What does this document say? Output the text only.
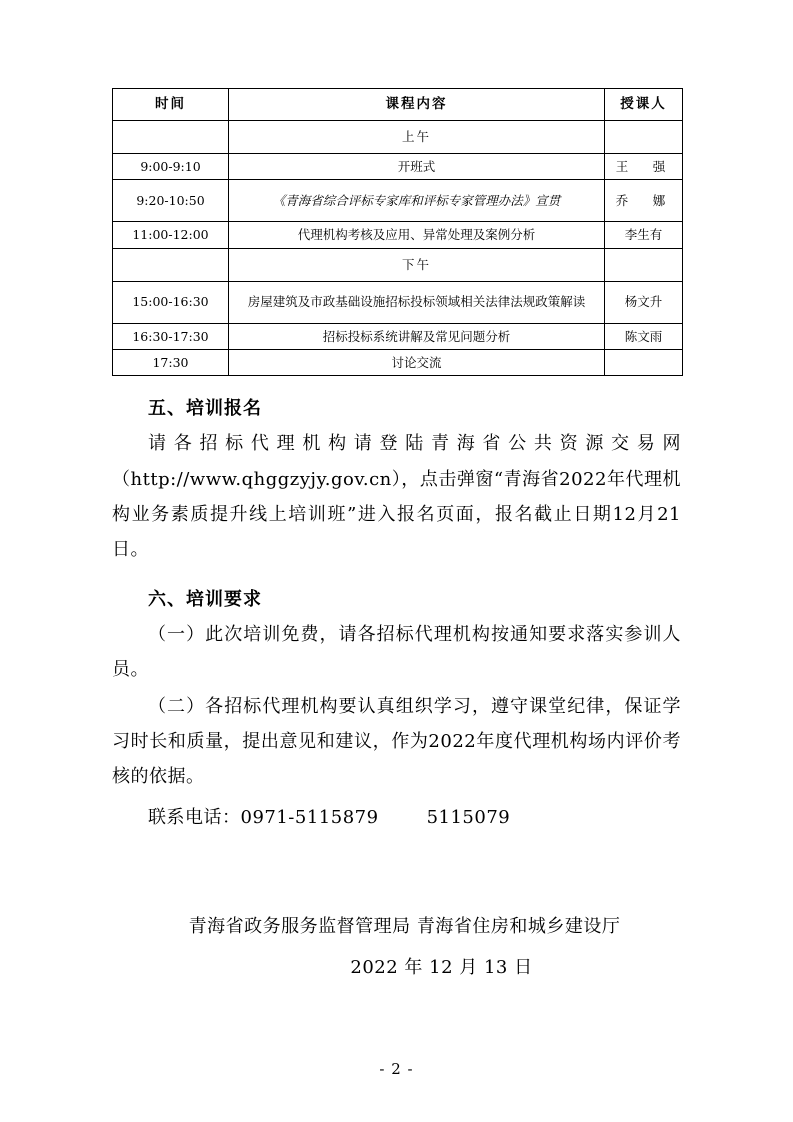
时间	课程内容	授课人
	上午	
9:00-9:10	开班式	王　强
9:20-10:50	《青海省综合评标专家库和评标专家管理办法》宣贯	乔　娜
11:00-12:00	代理机构考核及应用、异常处理及案例分析	李生有
	下午	
15:00-16:30	房屋建筑及市政基础设施招标投标领域相关法律法规政策解读	杨文升
16:30-17:30	招标投标系统讲解及常见问题分析	陈文雨
17:30	讨论交流	
五、培训报名

请各招标代理机构请登陆青海省公共资源交易网（http://www.qhggzyjy.gov.cn），点击弹窗“青海省2022年代理机构业务素质提升线上培训班”进入报名页面，报名截止日期12月21日。

六、培训要求

（一）此次培训免费，请各招标代理机构按通知要求落实参训人员。

（二）各招标代理机构要认真组织学习，遵守课堂纪律，保证学习时长和质量，提出意见和建议，作为2022年度代理机构场内评价考核的依据。

联系电话：0971-5115879	5115079

青海省政务服务监督管理局 青海省住房和城乡建设厅
2022 年 12 月 13 日
- 2 -
